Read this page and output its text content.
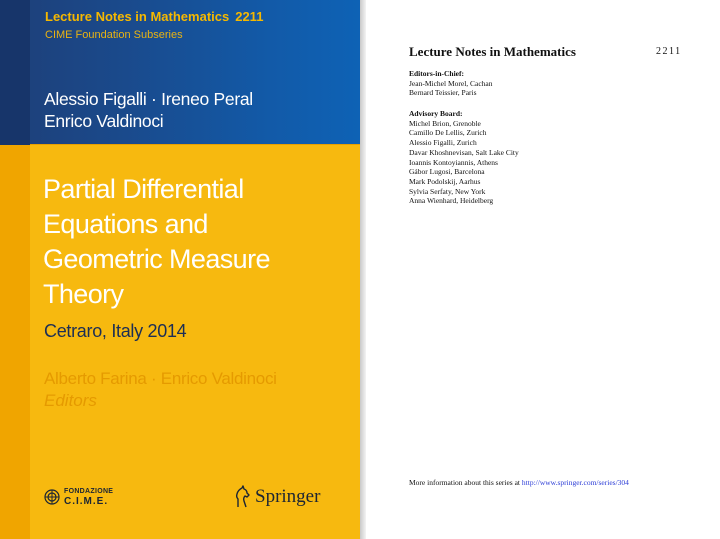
Lecture Notes in Mathematics 2211
CIME Foundation Subseries
Alessio Figalli · Ireneo Peral
Enrico Valdinoci
Partial Differential
Equations and
Geometric Measure
Theory
Cetraro, Italy 2014
Alberto Farina · Enrico Valdinoci
Editors
FONDAZIONE
C.I.M.E.	Springer
Lecture Notes in Mathematics	2211
Editors-in-Chief:
Jean-Michel Morel, Cachan
Bernard Teissier, Paris
Advisory Board:
Michel Brion, Grenoble
Camillo De Lellis, Zurich
Alessio Figalli, Zurich
Davar Khoshnevisan, Salt Lake City
Ioannis Kontoyiannis, Athens
Gábor Lugosi, Barcelona
Mark Podolskij, Aarhus
Sylvia Serfaty, New York
Anna Wienhard, Heidelberg
More information about this series at http://www.springer.com/series/304
